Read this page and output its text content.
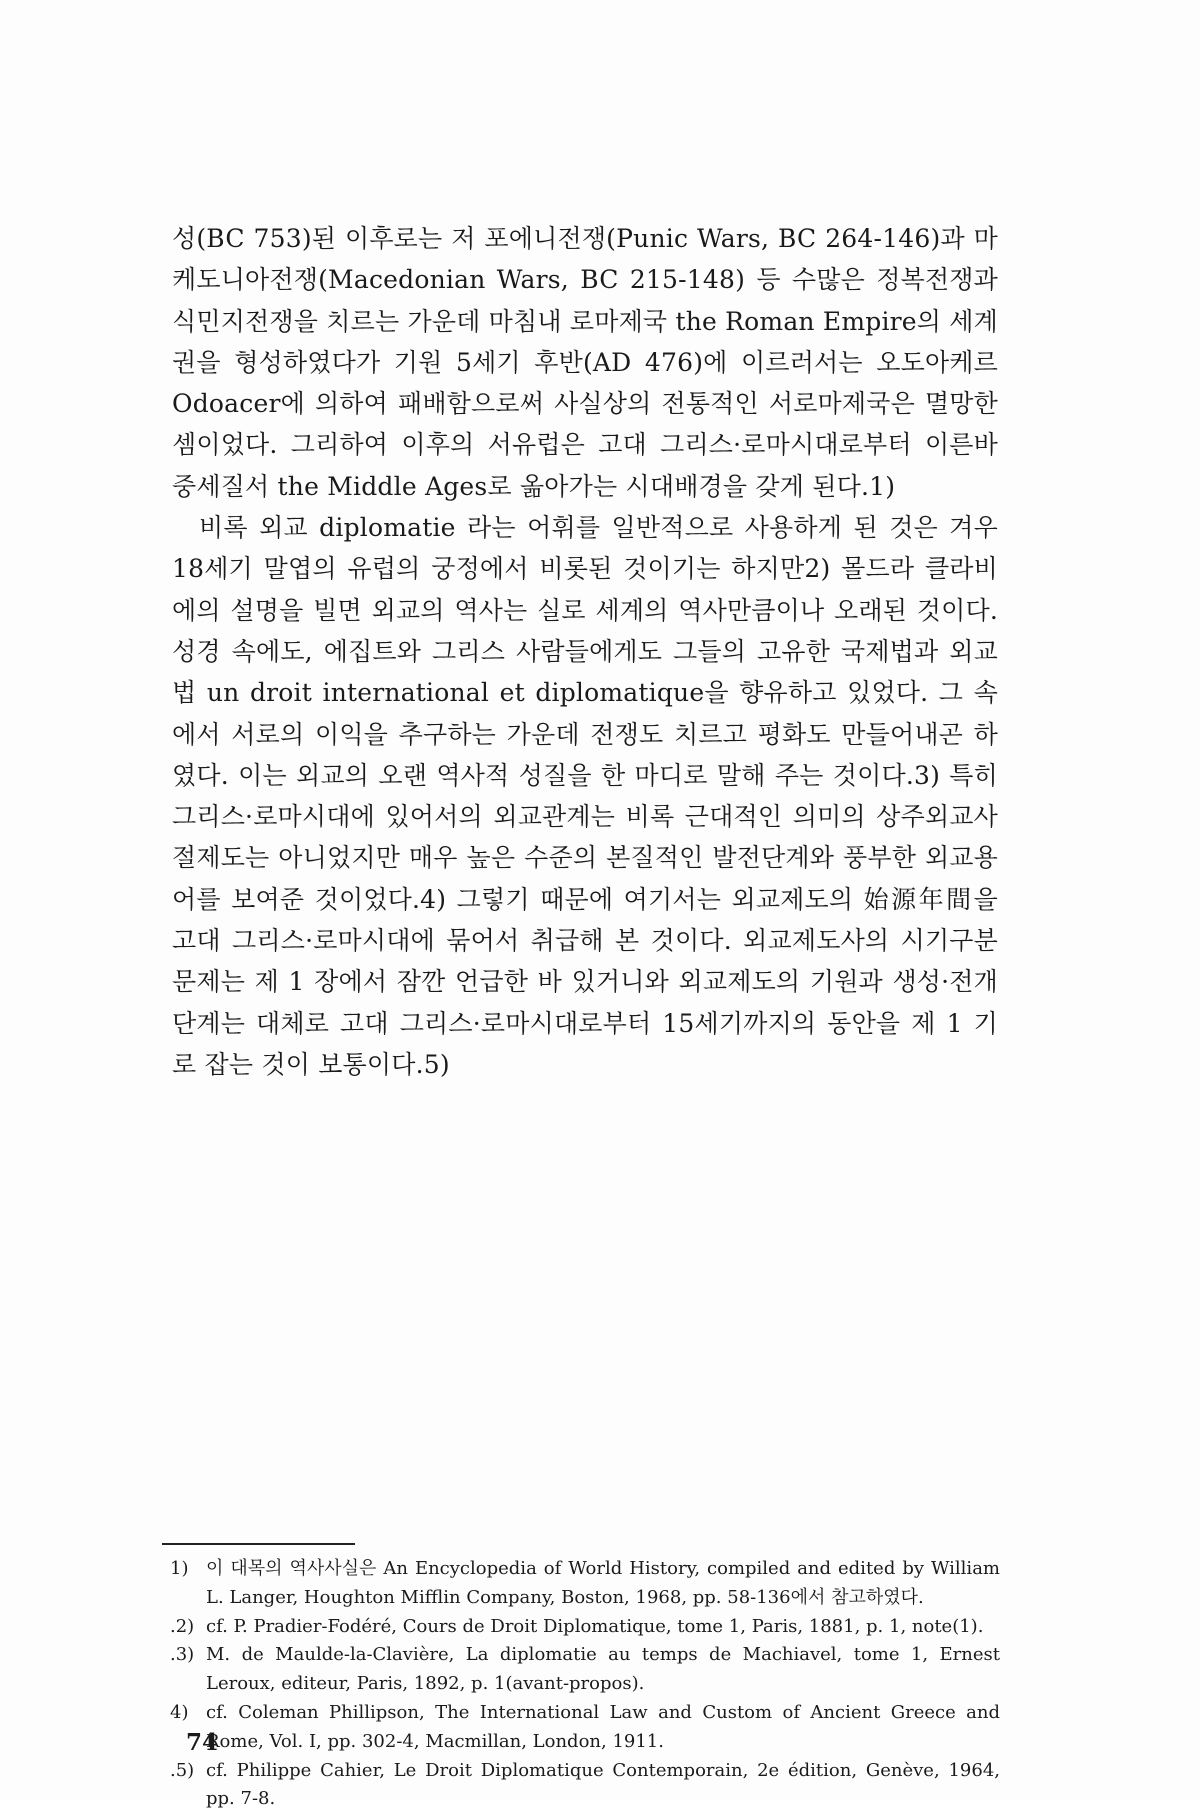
성(BC 753)된 이후로는 저 포에니전쟁(Punic Wars, BC 264-146)과 마케도니아전쟁(Macedonian Wars, BC 215-148) 등 수많은 정복전쟁과 식민지전쟁을 치르는 가운데 마침내 로마제국 the Roman Empire의 세계권을 형성하였다가 기원 5세기 후반(AD 476)에 이르러서는 오도아케르 Odoacer에 의하여 패배함으로써 사실상의 전통적인 서로마제국은 멸망한 셈이었다. 그리하여 이후의 서유럽은 고대 그리스·로마시대로부터 이른바 중세질서 the Middle Ages로 옮아가는 시대배경을 갖게 된다.1)

비록 외교 diplomatie 라는 어휘를 일반적으로 사용하게 된 것은 겨우 18세기 말엽의 유럽의 궁정에서 비롯된 것이기는 하지만2) 몰드라 클라비에의 설명을 빌면 외교의 역사는 실로 세계의 역사만큼이나 오래된 것이다. 성경 속에도, 에집트와 그리스 사람들에게도 그들의 고유한 국제법과 외교법 un droit international et diplomatique을 향유하고 있었다. 그 속에서 서로의 이익을 추구하는 가운데 전쟁도 치르고 평화도 만들어내곤 하였다. 이는 외교의 오랜 역사적 성질을 한 마디로 말해 주는 것이다.3) 특히 그리스·로마시대에 있어서의 외교관계는 비록 근대적인 의미의 상주외교사절제도는 아니었지만 매우 높은 수준의 본질적인 발전단계와 풍부한 외교용어를 보여준 것이었다.4) 그렇기 때문에 여기서는 외교제도의 始源年間을 고대 그리스·로마시대에 묶어서 취급해 본 것이다. 외교제도사의 시기구분 문제는 제 1 장에서 잠깐 언급한 바 있거니와 외교제도의 기원과 생성·전개단계는 대체로 고대 그리스·로마시대로부터 15세기까지의 동안을 제 1 기로 잡는 것이 보통이다.5)

1) 이 대목의 역사사실은 An Encyclopedia of World History, compiled and edited by William L. Langer, Houghton Mifflin Company, Boston, 1968, pp. 58-136에서 참고하였다.
.2) cf. P. Pradier-Fodéré, Cours de Droit Diplomatique, tome 1, Paris, 1881, p. 1, note(1).
.3) M. de Maulde-la-Clavière, La diplomatie au temps de Machiavel, tome 1, Ernest Leroux, editeur, Paris, 1892, p. 1(avant-propos).
4) cf. Coleman Phillipson, The International Law and Custom of Ancient Greece and Rome, Vol. I, pp. 302-4, Macmillan, London, 1911.
.5) cf. Philippe Cahier, Le Droit Diplomatique Contemporain, 2e édition, Genève, 1964, pp. 7-8.
74
